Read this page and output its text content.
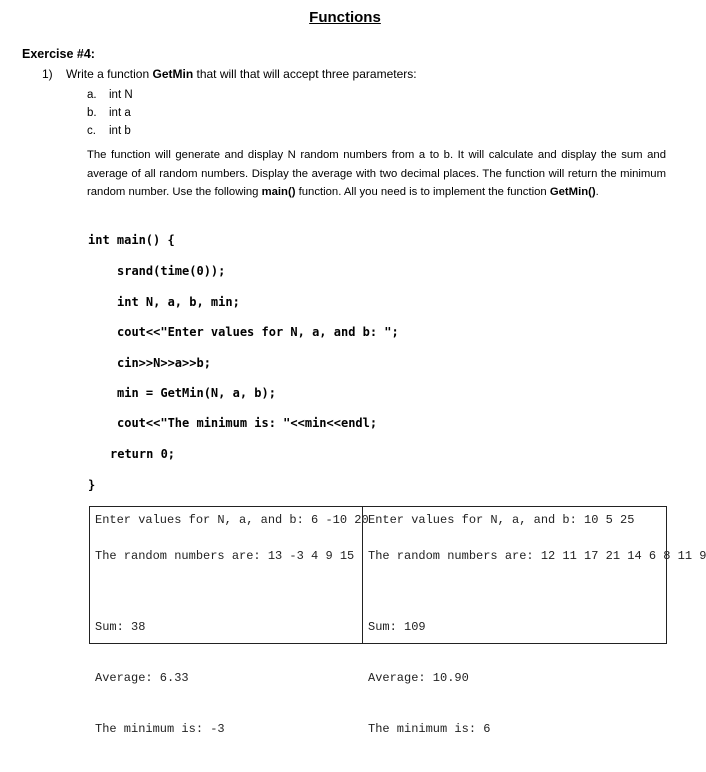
Functions
Exercise #4:
1) Write a function GetMin that will that will accept three parameters:
a. int N
b. int a
c. int b
The function will generate and display N random numbers from a to b. It will calculate and display the sum and average of all random numbers. Display the average with two decimal places. The function will return the minimum random number. Use the following main() function. All you need is to implement the function GetMin().
int main() {
srand(time(0));
int N, a, b, min;
cout<<"Enter values for N, a, and b: ";
cin>>N>>a>>b;
min = GetMin(N, a, b);
cout<<"The minimum is: "<<min<<endl;
return 0;
}
Enter values for N, a, and b: 6 -10 20
The random numbers are: 13 -3 4 9 15

Sum: 38

Average: 6.33

The minimum is: -3

Enter values for N, a, and b: 10 5 25
The random numbers are: 12 11 17 21 14 6 8 11 9

Sum: 109

Average: 10.90

The minimum is: 6
